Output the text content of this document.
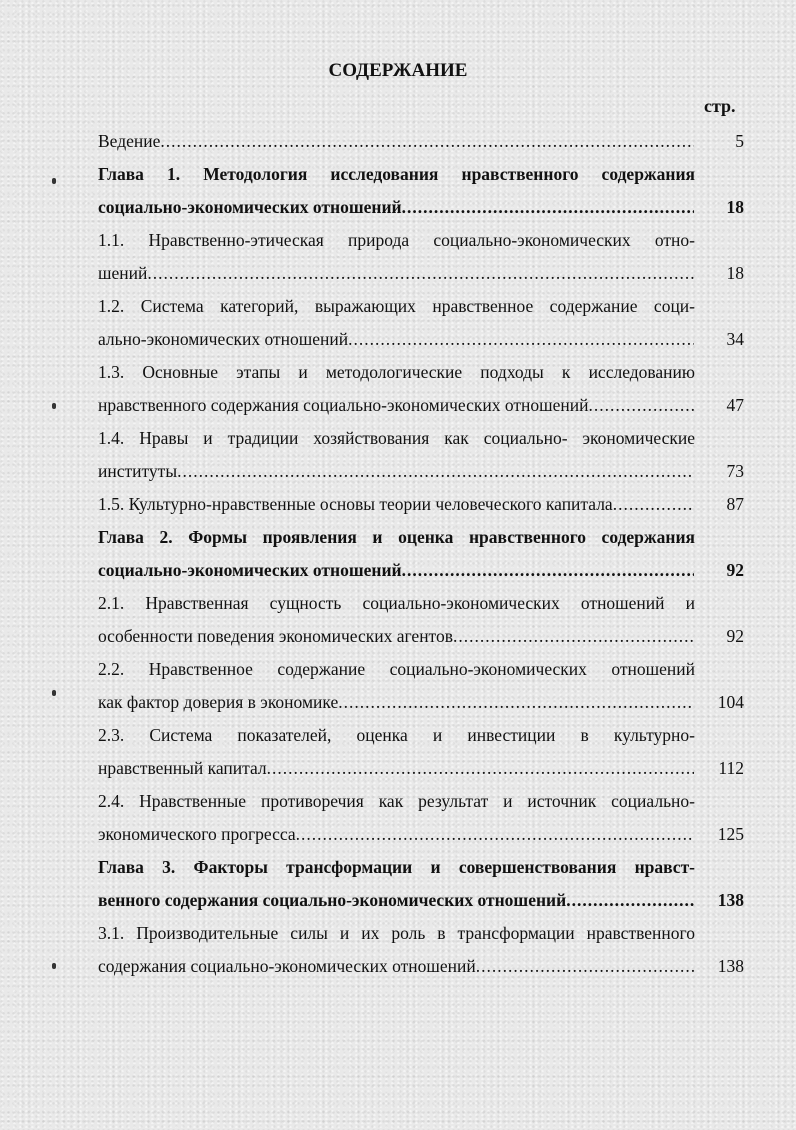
СОДЕРЖАНИЕ
стр.
Ведение .....	5
Глава 1. Методология исследования нравственного содержания
социально-экономических отношений .....	18
1.1. Нравственно-этическая природа социально-экономических отно-
шений .....	18
1.2. Система категорий, выражающих нравственное содержание соци-
ально-экономических отношений .....	34
1.3. Основные этапы и методологические подходы к исследованию
нравственного содержания социально-экономических отношений .....	47
1.4. Нравы и традиции хозяйствования как социально- экономические
институты .....	73
1.5. Культурно-нравственные основы теории человеческого капитала .....	87
Глава 2. Формы проявления и оценка нравственного содержания
социально-экономических отношений .....	92
2.1. Нравственная сущность социально-экономических отношений и
особенности поведения экономических агентов .....	92
2.2. Нравственное содержание социально-экономических отношений
как фактор доверия в экономике .....	104
2.3. Система показателей, оценка и инвестиции в культурно-
нравственный капитал .....	112
2.4. Нравственные противоречия как результат и источник социально-
экономического прогресса .....	125
Глава 3. Факторы трансформации и совершенствования нравст-
венного содержания социально-экономических отношений .....	138
3.1. Производительные силы и их роль в трансформации нравственного
содержания социально-экономических отношений .....	138
